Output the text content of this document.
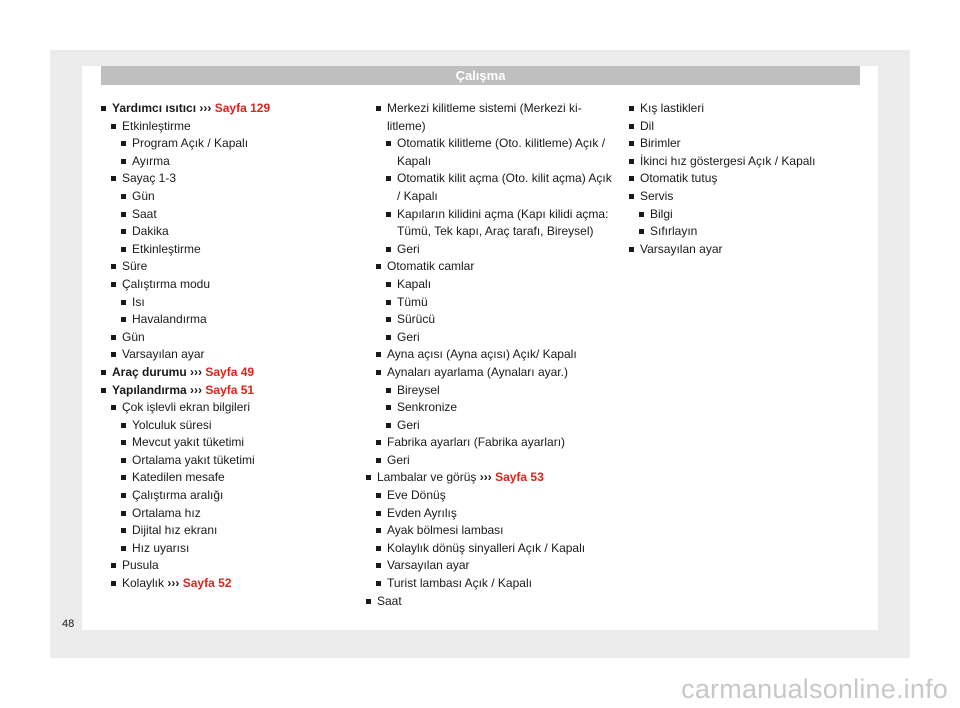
Çalışma
Yardımcı ısıtıcı ››› Sayfa 129
Etkinleştirme
Program Açık / Kapalı
Ayırma
Sayaç 1-3
Gün
Saat
Dakika
Etkinleştirme
Süre
Çalıştırma modu
Isı
Havalandırma
Gün
Varsayılan ayar
Araç durumu ››› Sayfa 49
Yapılandırma ››› Sayfa 51
Çok işlevli ekran bilgileri
Yolculuk süresi
Mevcut yakıt tüketimi
Ortalama yakıt tüketimi
Katedilen mesafe
Çalıştırma aralığı
Ortalama hız
Dijital hız ekranı
Hız uyarısı
Pusula
Kolaylık ››› Sayfa 52
Merkezi kilitleme sistemi (Merkezi ki-litleme)
Otomatik kilitleme (Oto. kilitleme) Açık / Kapalı
Otomatik kilit açma (Oto. kilit açma) Açık / Kapalı
Kapıların kilidini açma (Kapı kilidi açma: Tümü, Tek kapı, Araç tarafı, Bireysel)
Geri
Otomatik camlar
Kapalı
Tümü
Sürücü
Geri
Ayna açısı (Ayna açısı) Açık/ Kapalı
Aynaları ayarlama (Aynaları ayar.)
Bireysel
Senkronize
Geri
Fabrika ayarları (Fabrika ayarları)
Geri
Lambalar ve görüş ››› Sayfa 53
Eve Dönüş
Evden Ayrılış
Ayak bölmesi lambası
Kolaylık dönüş sinyalleri Açık / Kapalı
Varsayılan ayar
Turist lambası Açık / Kapalı
Saat
Kış lastikleri
Dil
Birimler
İkinci hız göstergesi Açık / Kapalı
Otomatik tutuş
Servis
Bilgi
Sıfırlayın
Varsayılan ayar
48
carmanualsonline.info
